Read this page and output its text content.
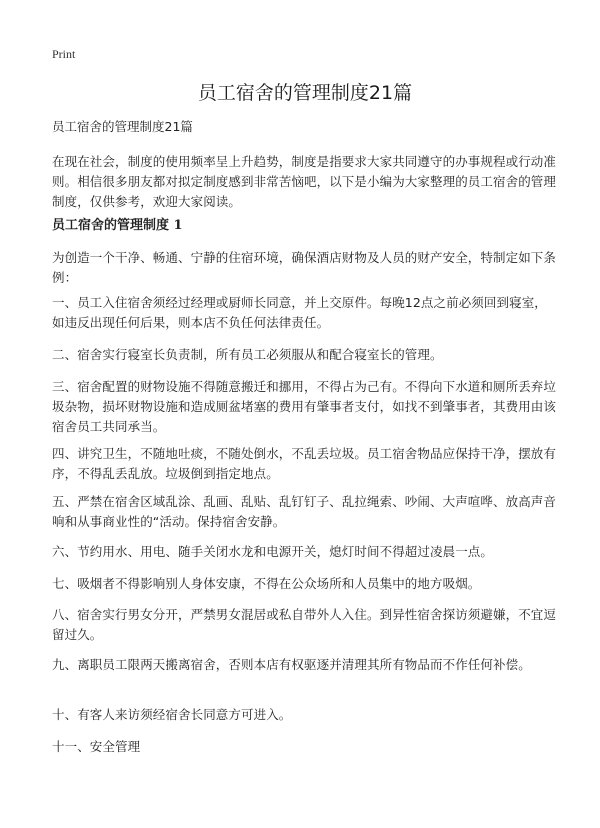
Print
员工宿舍的管理制度21篇
员工宿舍的管理制度21篇
在现在社会，制度的使用频率呈上升趋势，制度是指要求大家共同遵守的办事规程或行动准则。相信很多朋友都对拟定制度感到非常苦恼吧，以下是小编为大家整理的员工宿舍的管理制度，仅供参考，欢迎大家阅读。
员工宿舍的管理制度 1
为创造一个干净、畅通、宁静的住宿环境，确保酒店财物及人员的财产安全，特制定如下条例：
一、员工入住宿舍须经过经理或厨师长同意，并上交原件。每晚12点之前必须回到寝室，如违反出现任何后果，则本店不负任何法律责任。
二、宿舍实行寝室长负责制，所有员工必须服从和配合寝室长的管理。
三、宿舍配置的财物设施不得随意搬迁和挪用，不得占为己有。不得向下水道和厕所丢弃垃圾杂物，损坏财物设施和造成厕盆堵塞的费用有肇事者支付，如找不到肇事者，其费用由该宿舍员工共同承当。
四、讲究卫生，不随地吐痰，不随处倒水，不乱丢垃圾。员工宿舍物品应保持干净，摆放有序，不得乱丢乱放。垃圾倒到指定地点。
五、严禁在宿舍区域乱涂、乱画、乱贴、乱钉钉子、乱拉绳索、吵闹、大声喧哗、放高声音响和从事商业性的“活动。保持宿舍安静。
六、节约用水、用电、随手关闭水龙和电源开关，熄灯时间不得超过凌晨一点。
七、吸烟者不得影响别人身体安康，不得在公众场所和人员集中的地方吸烟。
八、宿舍实行男女分开，严禁男女混居或私自带外人入住。到异性宿舍探访须避嫌，不宜逗留过久。
九、离职员工限两天搬离宿舍，否则本店有权驱逐并清理其所有物品而不作任何补偿。
十、有客人来访须经宿舍长同意方可进入。
十一、安全管理
